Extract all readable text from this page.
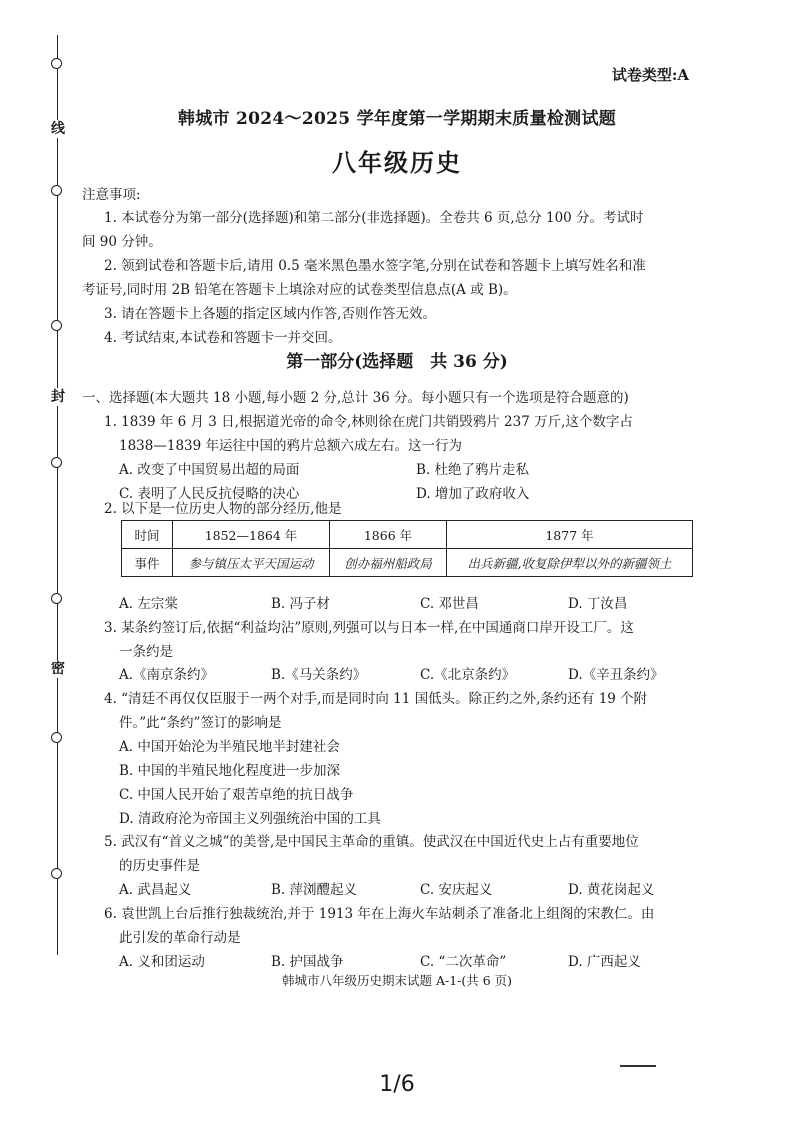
线
封
密
试卷类型:A
韩城市 2024～2025 学年度第一学期期末质量检测试题
八年级历史
注意事项:
1. 本试卷分为第一部分(选择题)和第二部分(非选择题)。全卷共 6 页,总分 100 分。考试时
间 90 分钟。
2. 领到试卷和答题卡后,请用 0.5 毫米黑色墨水签字笔,分别在试卷和答题卡上填写姓名和准
考证号,同时用 2B 铅笔在答题卡上填涂对应的试卷类型信息点(A 或 B)。
3. 请在答题卡上各题的指定区域内作答,否则作答无效。
4. 考试结束,本试卷和答题卡一并交回。
第一部分(选择题　共 36 分)
一、选择题(本大题共 18 小题,每小题 2 分,总计 36 分。每小题只有一个选项是符合题意的)
1. 1839 年 6 月 3 日,根据道光帝的命令,林则徐在虎门共销毁鸦片 237 万斤,这个数字占
1838—1839 年运往中国的鸦片总额六成左右。这一行为
A. 改变了中国贸易出超的局面	B. 杜绝了鸦片走私
C. 表明了人民反抗侵略的决心	D. 增加了政府收入
2. 以下是一位历史人物的部分经历,他是
时间	1852—1864 年	1866 年	1877 年
事件	参与镇压太平天国运动	创办福州船政局	出兵新疆,收复除伊犁以外的新疆领土
A. 左宗棠	B. 冯子材	C. 邓世昌	D. 丁汝昌
3. 某条约签订后,依据“利益均沾”原则,列强可以与日本一样,在中国通商口岸开设工厂。这
一条约是
A.《南京条约》	B.《马关条约》	C.《北京条约》	D.《辛丑条约》
4. “清廷不再仅仅臣服于一两个对手,而是同时向 11 国低头。除正约之外,条约还有 19 个附
件。”此“条约”签订的影响是
A. 中国开始沦为半殖民地半封建社会
B. 中国的半殖民地化程度进一步加深
C. 中国人民开始了艰苦卓绝的抗日战争
D. 清政府沦为帝国主义列强统治中国的工具
5. 武汉有“首义之城”的美誉,是中国民主革命的重镇。使武汉在中国近代史上占有重要地位
的历史事件是
A. 武昌起义	B. 萍浏醴起义	C. 安庆起义	D. 黄花岗起义
6. 袁世凯上台后推行独裁统治,并于 1913 年在上海火车站刺杀了准备北上组阁的宋教仁。由
此引发的革命行动是
A. 义和团运动	B. 护国战争	C. “二次革命”	D. 广西起义
韩城市八年级历史期末试题 A-1-(共 6 页)
1/6
